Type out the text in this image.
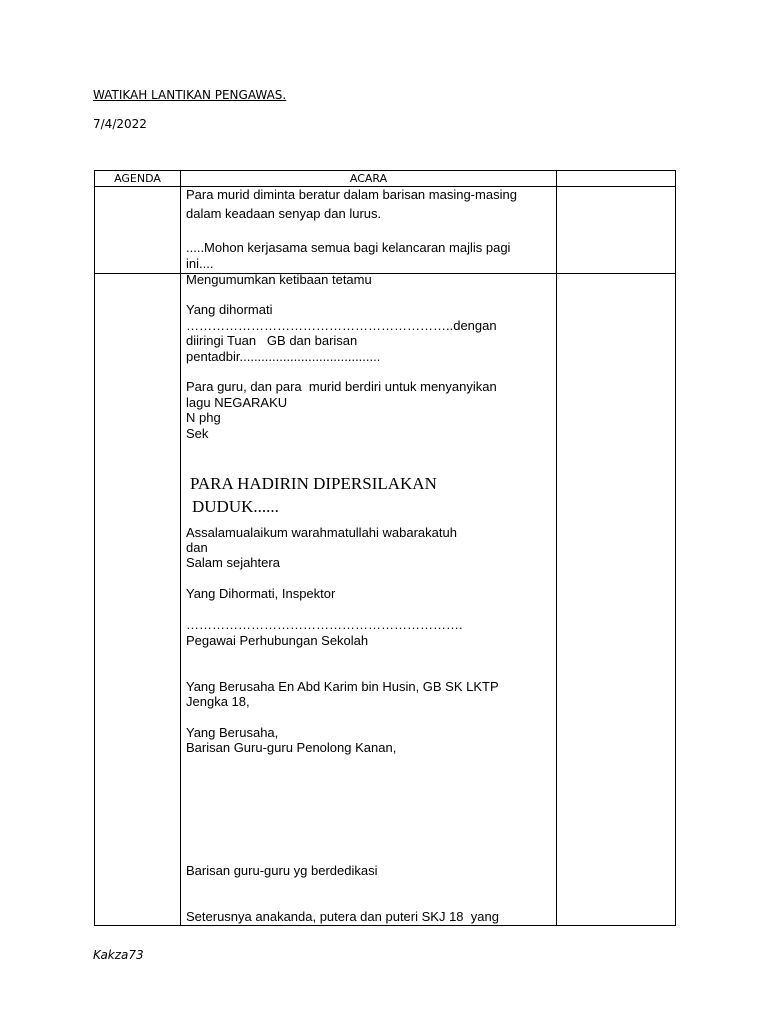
WATIKAH LANTIKAN PENGAWAS.
7/4/2022
AGENDA	ACARA
Para murid diminta beratur dalam barisan masing-masing
dalam keadaan senyap dan lurus.
.....Mohon kerjasama semua bagi kelancaran majlis pagi
ini....
Mengumumkan ketibaan tetamu
Yang dihormati
……………………………………………………..dengan
diiringi Tuan   GB dan barisan
pentadbir.......................................
Para guru, dan para  murid berdiri untuk menyanyikan
lagu NEGARAKU
N phg
Sek
PARA HADIRIN DIPERSILAKAN
DUDUK......
Assalamualaikum warahmatullahi wabarakatuh
dan
Salam sejahtera
Yang Dihormati, Inspektor
……………………………………………………….
Pegawai Perhubungan Sekolah
Yang Berusaha En Abd Karim bin Husin, GB SK LKTP
Jengka 18,
Yang Berusaha,
Barisan Guru-guru Penolong Kanan,
Barisan guru-guru yg berdedikasi
Seterusnya anakanda, putera dan puteri SKJ 18  yang
Kakza73
